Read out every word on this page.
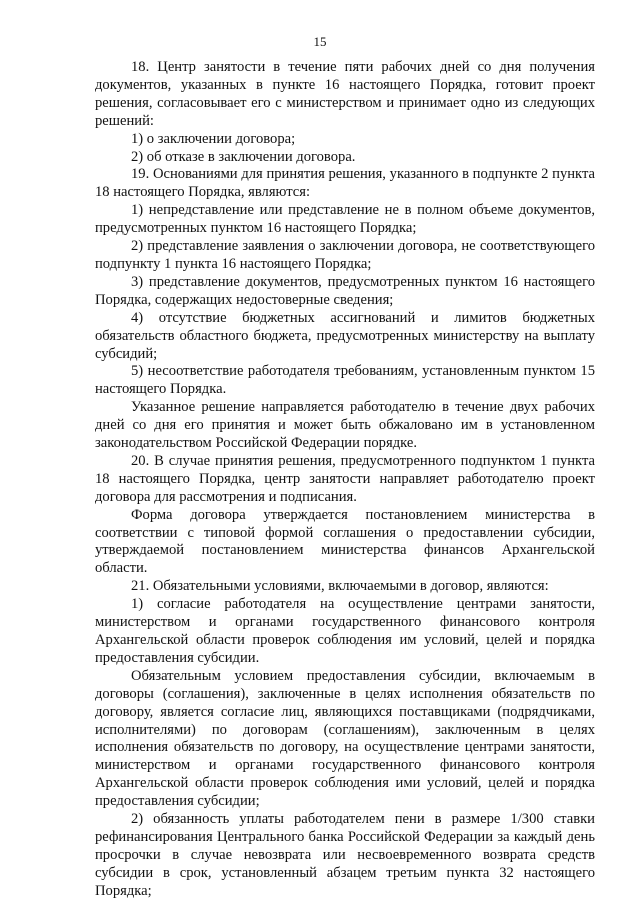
15

18. Центр занятости в течение пяти рабочих дней со дня получения документов, указанных в пункте 16 настоящего Порядка, готовит проект решения, согласовывает его с министерством и принимает одно из следующих решений:

1) о заключении договора;

2) об отказе в заключении договора.

19. Основаниями для принятия решения, указанного в подпункте 2 пункта 18 настоящего Порядка, являются:

1) непредставление или представление не в полном объеме документов, предусмотренных пунктом 16 настоящего Порядка;

2) представление заявления о заключении договора, не соответствующего подпункту 1 пункта 16 настоящего Порядка;

3) представление документов, предусмотренных пунктом 16 настоящего Порядка, содержащих недостоверные сведения;

4) отсутствие бюджетных ассигнований и лимитов бюджетных обязательств областного бюджета, предусмотренных министерству на выплату субсидий;

5) несоответствие работодателя требованиям, установленным пунктом 15 настоящего Порядка.

Указанное решение направляется работодателю в течение двух рабочих дней со дня его принятия и может быть обжаловано им в установленном законодательством Российской Федерации порядке.

20. В случае принятия решения, предусмотренного подпунктом 1 пункта 18 настоящего Порядка, центр занятости направляет работодателю проект договора для рассмотрения и подписания.

Форма договора утверждается постановлением министерства в соответствии с типовой формой соглашения о предоставлении субсидии, утверждаемой постановлением министерства финансов Архангельской области.

21. Обязательными условиями, включаемыми в договор, являются:

1) согласие работодателя на осуществление центрами занятости, министерством и органами государственного финансового контроля Архангельской области проверок соблюдения им условий, целей и порядка предоставления субсидии.

Обязательным условием предоставления субсидии, включаемым в договоры (соглашения), заключенные в целях исполнения обязательств по договору, является согласие лиц, являющихся поставщиками (подрядчиками, исполнителями) по договорам (соглашениям), заключенным в целях исполнения обязательств по договору, на осуществление центрами занятости, министерством и органами государственного финансового контроля Архангельской области проверок соблюдения ими условий, целей и порядка предоставления субсидии;

2) обязанность уплаты работодателем пени в размере 1/300 ставки рефинансирования Центрального банка Российской Федерации за каждый день просрочки в случае невозврата или несвоевременного возврата средств субсидии в срок, установленный абзацем третьим пункта 32 настоящего Порядка;
